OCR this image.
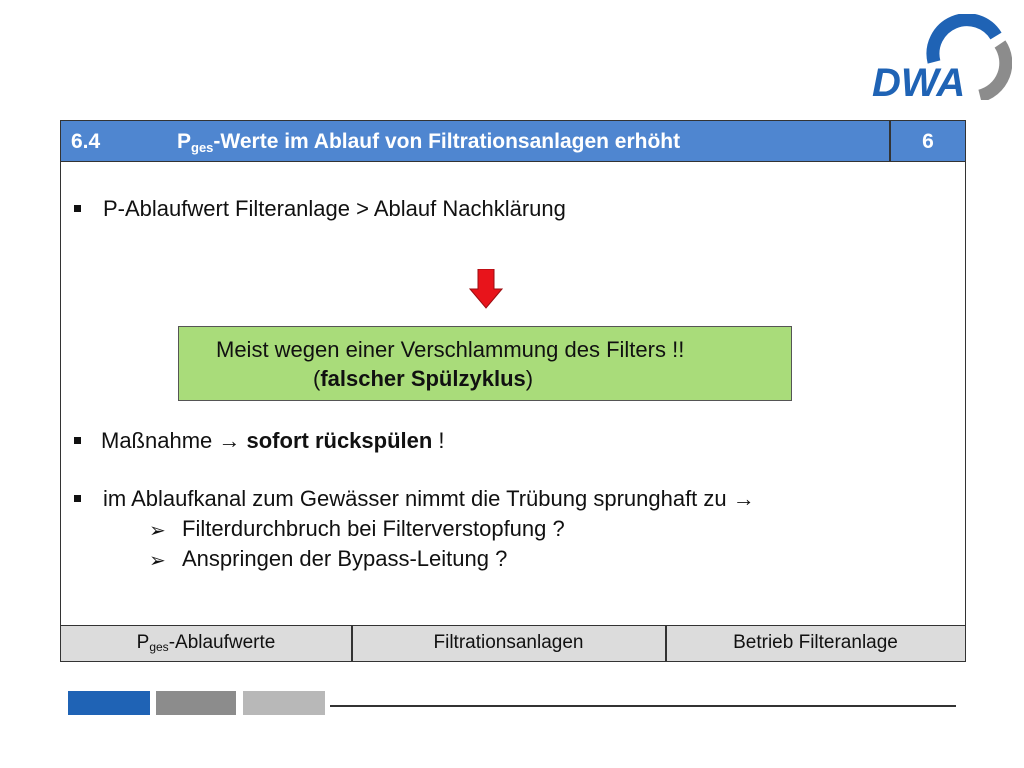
DWA
6.4	$P_{ges}$-Werte im Ablauf von Filtrationsanlagen erhöht	6
P-Ablaufwert Filteranlage > Ablauf Nachklärung
Meist wegen einer Verschlammung des Filters !!
(falscher Spülzyklus)
Maßnahme → sofort rückspülen !
im Ablaufkanal zum Gewässer nimmt die Trübung sprunghaft zu →
➢ Filterdurchbruch bei Filterverstopfung ?
➢ Anspringen der Bypass-Leitung ?
$P_{ges}$-Ablaufwerte	Filtrationsanlagen	Betrieb Filteranlage
